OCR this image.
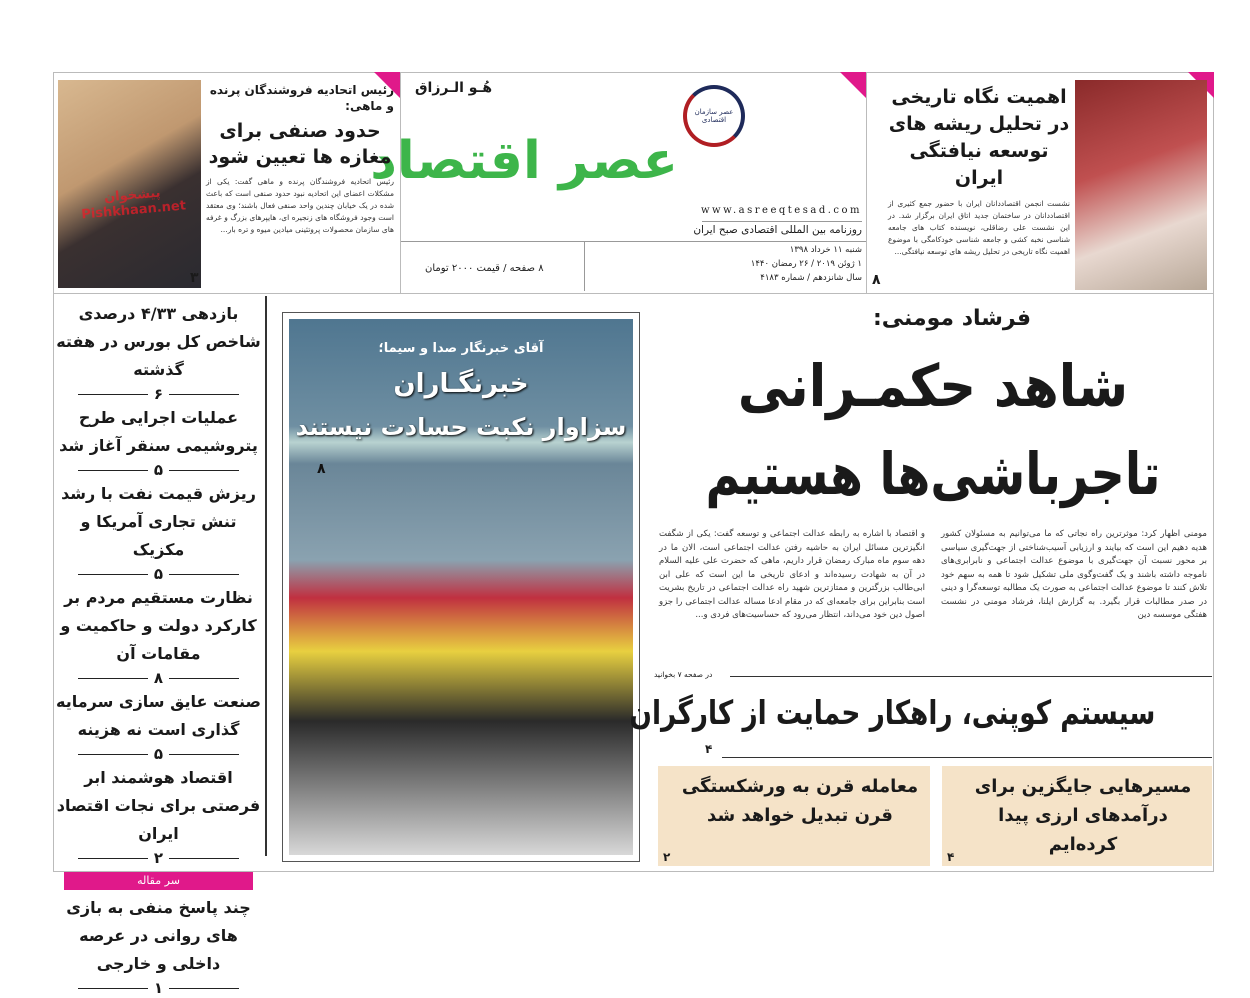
اهمیت نگاه تاریخی در تحلیل ریشه های توسعه نیافتگی ایران
نشست انجمن اقتصاددانان ایران با حضور جمع کثیری از اقتصاددانان در ساختمان جدید اتاق ایران برگزار شد. در این نشست علی رضاقلی، نویسنده کتاب های جامعه شناسی نخبه کشی و جامعه شناسی خودکامگی با موضوع اهمیت نگاه تاریخی در تحلیل ریشه های توسعه نیافتگی...
۸
هُـو الـرزاق
عصر اقتصاد
عصر سازمان اقتصادی
www.asreeqtesad.com
روزنامه بین المللی اقتصادی صبح ایران
شنبه ۱۱ خرداد ۱۳۹۸
۱ ژوئن ۲۰۱۹ / ۲۶ رمضان ۱۴۴۰
سال شانزدهم / شماره ۴۱۸۳
۸ صفحه / قیمت ۲۰۰۰ تومان
پیشخوان Pishkhaan.net
رئیس اتحادیه فروشندگان پرنده و ماهی:
حدود صنفی برای مغازه ها تعیین شود
رئیس اتحادیه فروشندگان پرنده و ماهی گفت: یکی از مشکلات اعضای این اتحادیه نبود حدود صنفی است که باعث شده در یک خیابان چندین واحد صنفی فعال باشند؛ وی معتقد است وجود فروشگاه های زنجیره ای، هایپرهای بزرگ و غرفه های سازمان محصولات پروتئینی میادین میوه و تره بار...
۳
بازدهی ۴/۳۳ درصدی شاخص کل بورس در هفته گذشته
۶
عملیات اجرایی طرح پتروشیمی سنقر آغاز شد
۵
ریزش قیمت نفت با رشد تنش تجاری آمریکا و مکزیک
۵
نظارت مستقیم مردم بر کارکرد دولت و حاکمیت و مقامات آن
۸
صنعت عایق سازی سرمایه گذاری است نه هزینه
۵
اقتصاد هوشمند ابر فرصتی برای نجات اقتصاد ایران
۲
سر مقاله
چند پاسخ منفی به بازی های روانی در عرصه داخلی و خارجی
۱
آقای خبرنگار صدا و سیما؛
خبرنگـاران
سزاوار نکبت حسادت نیستند
۸
فرشاد مومنی:
شاهد حکمـرانی
تاجرباشی‌ها هستیم
مومنی اظهار کرد: موثرترین راه نجاتی که ما می‌توانیم به مسئولان کشور هدیه دهیم این است که بیایند و ارزیابی آسیب‌شناختی از جهت‌گیری سیاسی بر محور نسبت آن جهت‌گیری با موضوع عدالت اجتماعی و نابرابری‌های ناموجه داشته باشند و یک گفت‌وگوی ملی تشکیل شود تا همه به سهم خود تلاش کنند تا موضوع عدالت اجتماعی به صورت یک مطالبه توسعه‌گرا و دینی در صدر مطالبات قرار بگیرد. به گزارش ایلنا، فرشاد مومنی در نشست هفتگی موسسه دین
و اقتصاد با اشاره به رابطه عدالت اجتماعی و توسعه گفت: یکی از شگفت انگیزترین مسائل ایران به حاشیه رفتن عدالت اجتماعی است، الان ما در دهه سوم ماه مبارک رمضان قرار داریم، ماهی که حضرت علی علیه السلام در آن به شهادت رسیده‌اند و ادعای تاریخی ما این است که علی ابن ابی‌طالب بزرگترین و ممتازترین شهید راه عدالت اجتماعی در تاریخ بشریت است بنابراین برای جامعه‌ای که در مقام ادعا مساله عدالت اجتماعی را جزو اصول دین خود می‌داند، انتظار می‌رود که حساسیت‌های فردی و...
در صفحه ۷ بخوانید
سیستم کوپنی، راهکار حمایت از کارگران
۴
مسیرهایی جایگزین برای درآمدهای ارزی پیدا کرده‌ایم
۴
معامله قرن به ورشکستگی قرن تبدیل خواهد شد
۲
